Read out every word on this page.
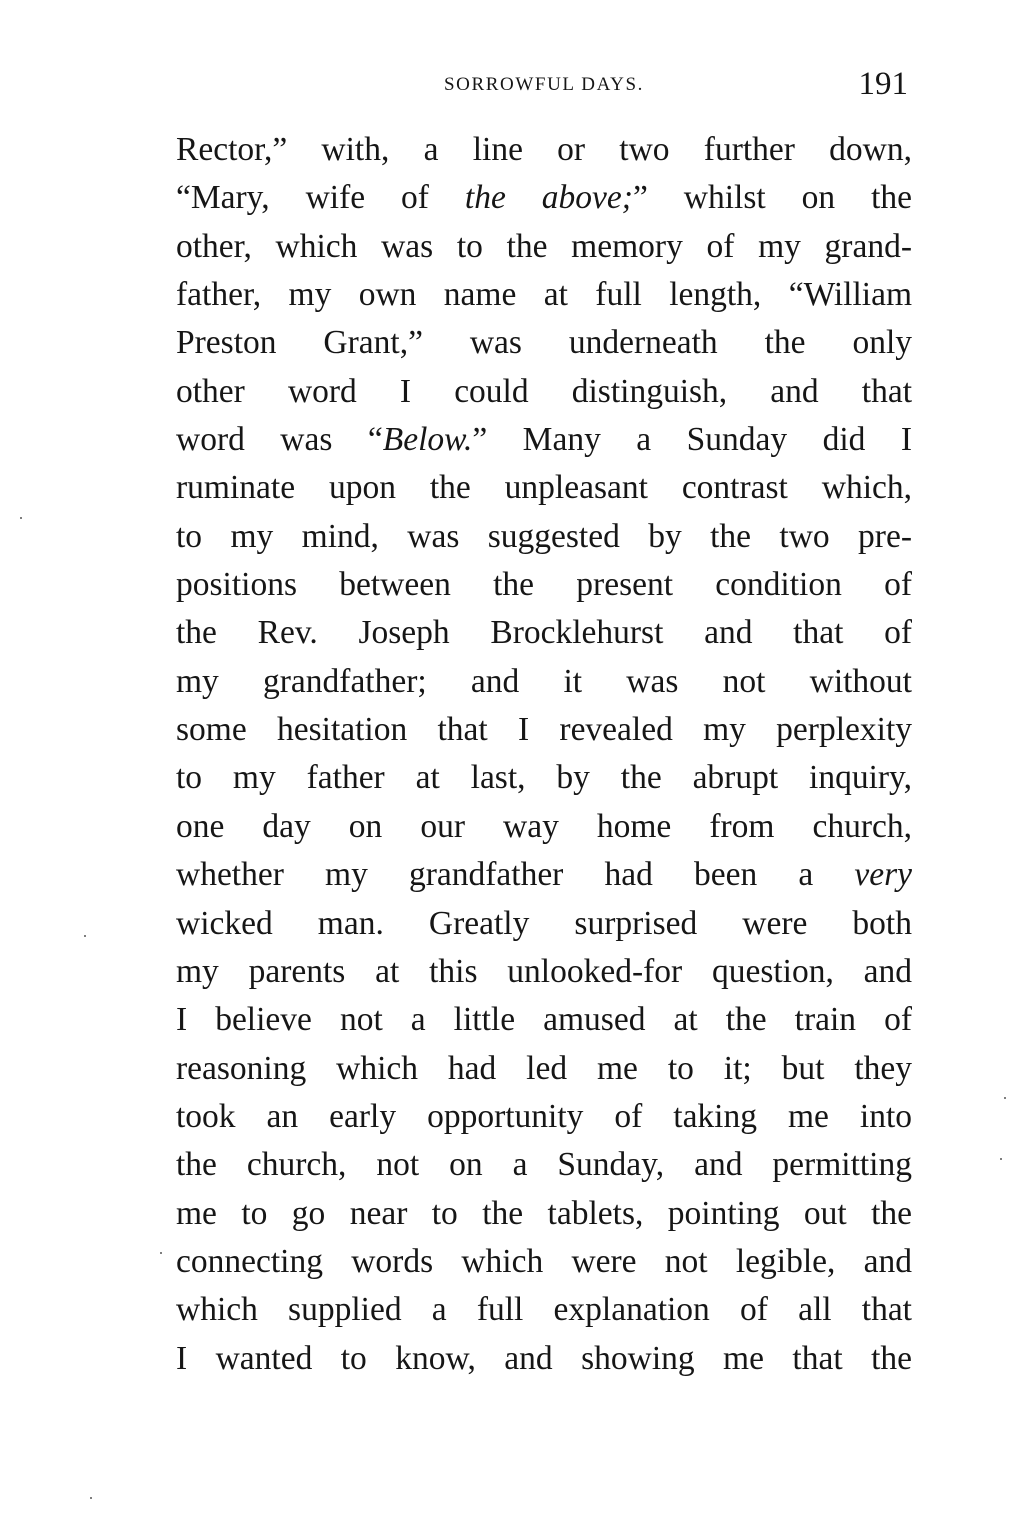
SORROWFUL DAYS.	191
Rector,” with, a line or two further down,
“Mary, wife of the above;” whilst on the
other, which was to the memory of my grand-
father, my own name at full length, “William
Preston Grant,” was underneath the only
other word I could distinguish, and that
word was “Below.” Many a Sunday did I
ruminate upon the unpleasant contrast which,
to my mind, was suggested by the two pre-
positions between the present condition of
the Rev. Joseph Brocklehurst and that of
my grandfather; and it was not without
some hesitation that I revealed my perplexity
to my father at last, by the abrupt inquiry,
one day on our way home from church,
whether my grandfather had been a very
wicked man. Greatly surprised were both
my parents at this unlooked-for question, and
I believe not a little amused at the train of
reasoning which had led me to it; but they
took an early opportunity of taking me into
the church, not on a Sunday, and permitting
me to go near to the tablets, pointing out the
connecting words which were not legible, and
which supplied a full explanation of all that
I wanted to know, and showing me that the
